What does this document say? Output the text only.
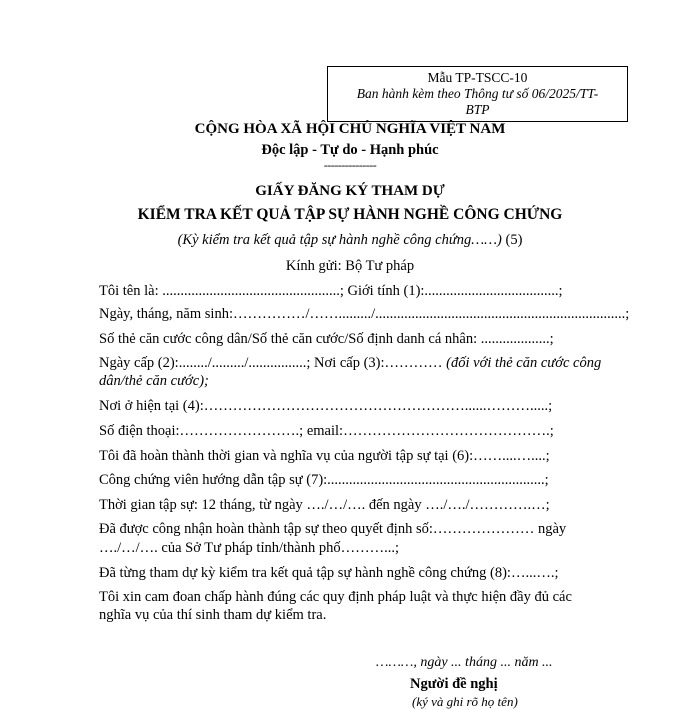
Mẫu TP-TSCC-10
Ban hành kèm theo Thông tư số 06/2025/TT-
BTP
CỘNG HÒA XÃ HỘI CHỦ NGHĨA VIỆT NAM
Độc lập - Tự do - Hạnh phúc
---------------
GIẤY ĐĂNG KÝ THAM DỰ
KIỂM TRA KẾT QUẢ TẬP SỰ HÀNH NGHỀ CÔNG CHỨNG
(Kỳ kiểm tra kết quả tập sự hành nghề công chứng……) (5)
Kính gửi: Bộ Tư pháp
Tôi tên là: .................................................; Giới tính (1):.....................................;
Ngày, tháng, năm sinh:……………/……........./.....................................................................;
Số thẻ căn cước công dân/Số thẻ căn cước/Số định danh cá nhân: ...................;
Ngày cấp (2):......../........./................; Nơi cấp (3):………… (đối với thẻ căn cước công
dân/thẻ căn cước);
Nơi ở hiện tại (4):………………………………………………......……….....;
Số điện thoại:…………………….; email:…………………………………….;
Tôi đã hoàn thành thời gian và nghĩa vụ của người tập sự tại (6):……....…....;
Công chứng viên hướng dẫn tập sự (7):............................................................;
Thời gian tập sự: 12 tháng, từ ngày …./…/…. đến ngày …./…./………….…;
Đã được công nhận hoàn thành tập sự theo quyết định số:………………… ngày
…./…/…. của Sở Tư pháp tỉnh/thành phố………...;
Đã từng tham dự kỳ kiểm tra kết quả tập sự hành nghề công chứng (8):…...….;
Tôi xin cam đoan chấp hành đúng các quy định pháp luật và thực hiện đầy đủ các
nghĩa vụ của thí sinh tham dự kiểm tra.
………, ngày ... tháng ... năm ...
Người đề nghị
(ký và ghi rõ họ tên)
